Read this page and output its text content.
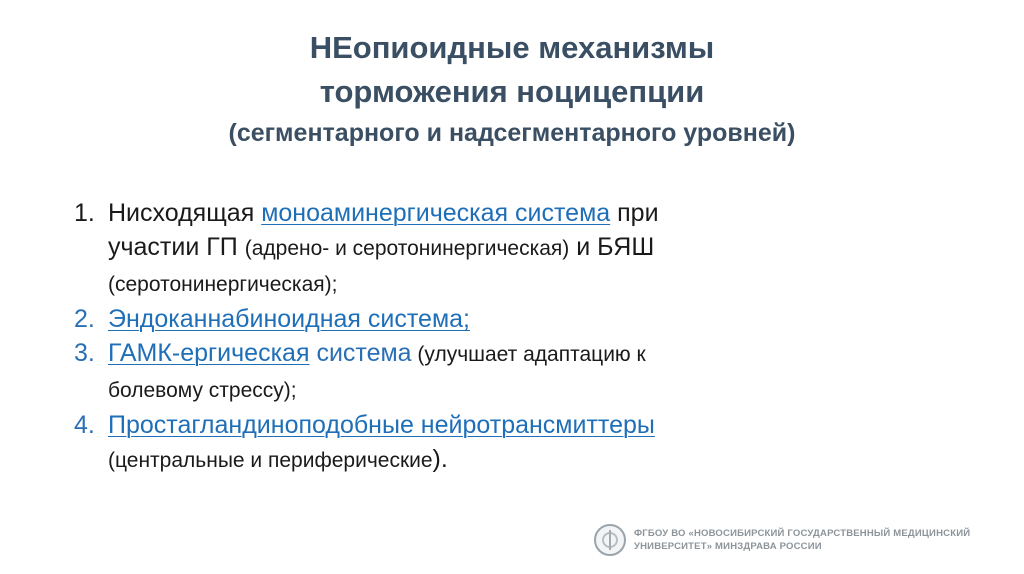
НЕопиоидные механизмы
торможения ноцицепции
(сегментарного и надсегментарного уровней)
1. Нисходящая моноаминергическая система при
участии ГП (адрено- и серотонинергическая) и БЯШ
(серотонинергическая);
2. Эндоканнабиноидная система;
3. ГАМК-ергическая система (улучшает адаптацию к
болевому стрессу);
4. Простагландиноподобные нейротрансмиттеры
(центральные и периферические).
ФГБОУ ВО «НОВОСИБИРСКИЙ ГОСУДАРСТВЕННЫЙ МЕДИЦИНСКИЙ
УНИВЕРСИТЕТ» МИНЗДРАВА РОССИИ
